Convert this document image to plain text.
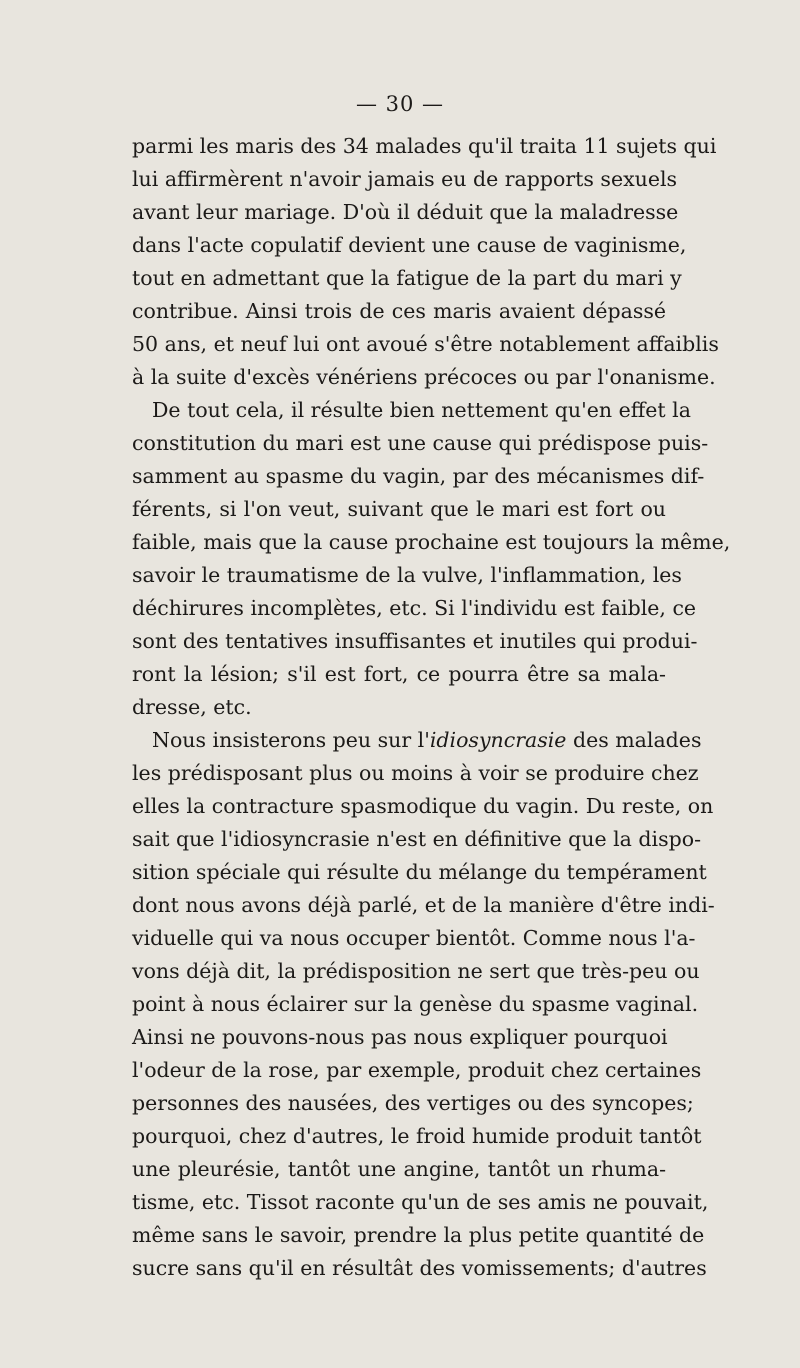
— 30 —
parmi les maris des 34 malades qu'il traita 11 sujets qui
lui affirmèrent n'avoir jamais eu de rapports sexuels
avant leur mariage. D'où il déduit que la maladresse
dans l'acte copulatif devient une cause de vaginisme,
tout en admettant que la fatigue de la part du mari y
contribue. Ainsi trois de ces maris avaient dépassé
50 ans, et neuf lui ont avoué s'être notablement affaiblis
à la suite d'excès vénériens précoces ou par l'onanisme.
De tout cela, il résulte bien nettement qu'en effet la
constitution du mari est une cause qui prédispose puis-
samment au spasme du vagin, par des mécanismes dif-
férents, si l'on veut, suivant que le mari est fort ou
faible, mais que la cause prochaine est toujours la même,
savoir le traumatisme de la vulve, l'inflammation, les
déchirures incomplètes, etc. Si l'individu est faible, ce
sont des tentatives insuffisantes et inutiles qui produi-
ront la lésion; s'il est fort, ce pourra être sa mala-
dresse, etc.
Nous insisterons peu sur l'idiosyncrasie des malades
les prédisposant plus ou moins à voir se produire chez
elles la contracture spasmodique du vagin. Du reste, on
sait que l'idiosyncrasie n'est en définitive que la dispo-
sition spéciale qui résulte du mélange du tempérament
dont nous avons déjà parlé, et de la manière d'être indi-
viduelle qui va nous occuper bientôt. Comme nous l'a-
vons déjà dit, la prédisposition ne sert que très-peu ou
point à nous éclairer sur la genèse du spasme vaginal.
Ainsi ne pouvons-nous pas nous expliquer pourquoi
l'odeur de la rose, par exemple, produit chez certaines
personnes des nausées, des vertiges ou des syncopes;
pourquoi, chez d'autres, le froid humide produit tantôt
une pleurésie, tantôt une angine, tantôt un rhuma-
tisme, etc. Tissot raconte qu'un de ses amis ne pouvait,
même sans le savoir, prendre la plus petite quantité de
sucre sans qu'il en résultât des vomissements; d'autres
